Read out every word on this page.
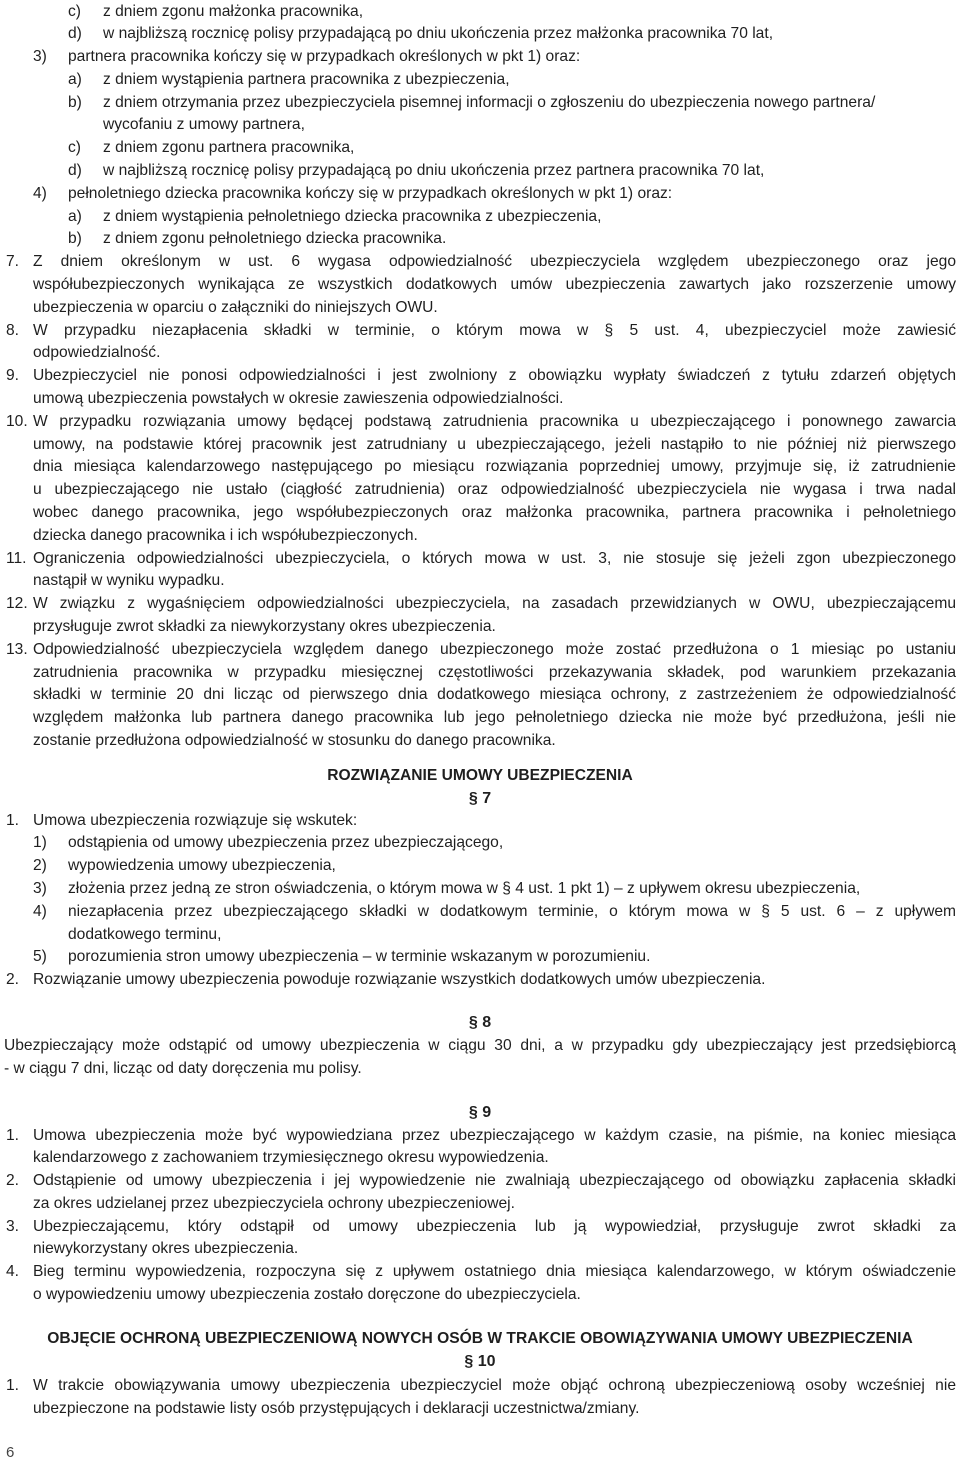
c) z dniem zgonu małżonka pracownika,
d) w najbliższą rocznicę polisy przypadającą po dniu ukończenia przez małżonka pracownika 70 lat,
3) partnera pracownika kończy się w przypadkach określonych w pkt 1) oraz:
a) z dniem wystąpienia partnera pracownika z ubezpieczenia,
b) z dniem otrzymania przez ubezpieczyciela pisemnej informacji o zgłoszeniu do ubezpieczenia nowego partnera/
wycofaniu z umowy partnera,
c) z dniem zgonu partnera pracownika,
d) w najbliższą rocznicę polisy przypadającą po dniu ukończenia przez partnera pracownika 70 lat,
4) pełnoletniego dziecka pracownika kończy się w przypadkach określonych w pkt 1) oraz:
a) z dniem wystąpienia pełnoletniego dziecka pracownika z ubezpieczenia,
b) z dniem zgonu pełnoletniego dziecka pracownika.
7. Z dniem określonym w ust. 6 wygasa odpowiedzialność ubezpieczyciela względem ubezpieczonego oraz jego
współubezpieczonych wynikająca ze wszystkich dodatkowych umów ubezpieczenia zawartych jako rozszerzenie umowy
ubezpieczenia w oparciu o załączniki do niniejszych OWU.
8. W przypadku niezapłacenia składki w terminie, o którym mowa w § 5 ust. 4, ubezpieczyciel może zawiesić
odpowiedzialność.
9. Ubezpieczyciel nie ponosi odpowiedzialności i jest zwolniony z obowiązku wypłaty świadczeń z tytułu zdarzeń objętych
umową ubezpieczenia powstałych w okresie zawieszenia odpowiedzialności.
10. W przypadku rozwiązania umowy będącej podstawą zatrudnienia pracownika u ubezpieczającego i ponownego zawarcia
umowy, na podstawie której pracownik jest zatrudniany u ubezpieczającego, jeżeli nastąpiło to nie później niż pierwszego
dnia miesiąca kalendarzowego następującego po miesiącu rozwiązania poprzedniej umowy, przyjmuje się, iż zatrudnienie
u ubezpieczającego nie ustało (ciągłość zatrudnienia) oraz odpowiedzialność ubezpieczyciela nie wygasa i trwa nadal
wobec danego pracownika, jego współubezpieczonych oraz małżonka pracownika, partnera pracownika i pełnoletniego
dziecka danego pracownika i ich współubezpieczonych.
11. Ograniczenia odpowiedzialności ubezpieczyciela, o których mowa w ust. 3, nie stosuje się jeżeli zgon ubezpieczonego
nastąpił w wyniku wypadku.
12. W związku z wygaśnięciem odpowiedzialności ubezpieczyciela, na zasadach przewidzianych w OWU, ubezpieczającemu
przysługuje zwrot składki za niewykorzystany okres ubezpieczenia.
13. Odpowiedzialność ubezpieczyciela względem danego ubezpieczonego może zostać przedłużona o 1 miesiąc po ustaniu
zatrudnienia pracownika w przypadku miesięcznej częstotliwości przekazywania składek, pod warunkiem przekazania
składki w terminie 20 dni licząc od pierwszego dnia dodatkowego miesiąca ochrony, z zastrzeżeniem że odpowiedzialność
względem małżonka lub partnera danego pracownika lub jego pełnoletniego dziecka nie może być przedłużona, jeśli nie
zostanie przedłużona odpowiedzialność w stosunku do danego pracownika.
1. Umowa ubezpieczenia rozwiązuje się wskutek:
1) odstąpienia od umowy ubezpieczenia przez ubezpieczającego,
2) wypowiedzenia umowy ubezpieczenia,
3) złożenia przez jedną ze stron oświadczenia, o którym mowa w § 4 ust. 1 pkt 1) – z upływem okresu ubezpieczenia,
4) niezapłacenia przez ubezpieczającego składki w dodatkowym terminie, o którym mowa w § 5 ust. 6 – z upływem
dodatkowego terminu,
5) porozumienia stron umowy ubezpieczenia – w terminie wskazanym w porozumieniu.
2. Rozwiązanie umowy ubezpieczenia powoduje rozwiązanie wszystkich dodatkowych umów ubezpieczenia.
Ubezpieczający może odstąpić od umowy ubezpieczenia w ciągu 30 dni, a w przypadku gdy ubezpieczający jest przedsiębiorcą
- w ciągu 7 dni, licząc od daty doręczenia mu polisy.
1. Umowa ubezpieczenia może być wypowiedziana przez ubezpieczającego w każdym czasie, na piśmie, na koniec miesiąca
kalendarzowego z zachowaniem trzymiesięcznego okresu wypowiedzenia.
2. Odstąpienie od umowy ubezpieczenia i jej wypowiedzenie nie zwalniają ubezpieczającego od obowiązku zapłacenia składki
za okres udzielanej przez ubezpieczyciela ochrony ubezpieczeniowej.
3. Ubezpieczającemu, który odstąpił od umowy ubezpieczenia lub ją wypowiedział, przysługuje zwrot składki za
niewykorzystany okres ubezpieczenia.
4. Bieg terminu wypowiedzenia, rozpoczyna się z upływem ostatniego dnia miesiąca kalendarzowego, w którym oświadczenie
o wypowiedzeniu umowy ubezpieczenia zostało doręczone do ubezpieczyciela.
1. W trakcie obowiązywania umowy ubezpieczenia ubezpieczyciel może objąć ochroną ubezpieczeniową osoby wcześniej nie
ubezpieczone na podstawie listy osób przystępujących i deklaracji uczestnictwa/zmiany.
ROZWIĄZANIE UMOWY UBEZPIECZENIA
OBJĘCIE OCHRONĄ UBEZPIECZENIOWĄ NOWYCH OSÓB W TRAKCIE OBOWIĄZYWANIA UMOWY UBEZPIECZENIA
§ 7
§ 8
§ 9
§ 10
6
